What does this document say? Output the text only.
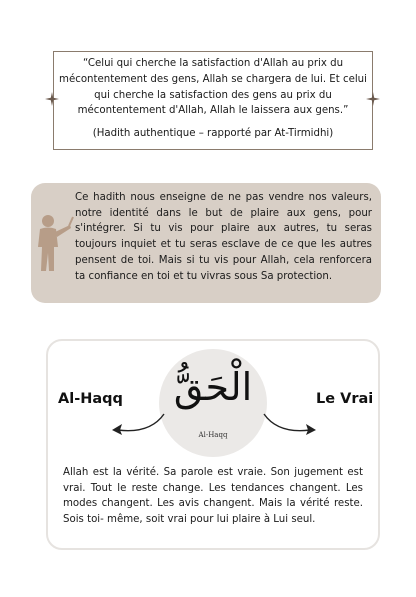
“Celui qui cherche la satisfaction d'Allah au prix du mécontentement des gens, Allah se chargera de lui. Et celui qui cherche la satisfaction des gens au prix du mécontentement d'Allah, Allah le laissera aux gens.”
(Hadith authentique – rapporté par At-Tirmidhi)
Ce hadith nous enseigne de ne pas vendre nos valeurs, notre identité dans le but de plaire aux gens, pour s'intégrer. Si tu vis pour plaire aux autres, tu seras toujours inquiet et tu seras esclave de ce que les autres pensent de toi. Mais si tu vis pour Allah, cela renforcera ta confiance en toi et tu vivras sous Sa protection.
الْحَقُّ
Al-Haqq
Al-Haqq	Le Vrai
Allah est la vérité. Sa parole est vraie. Son jugement est vrai. Tout le reste change. Les tendances changent. Les modes changent. Les avis changent. Mais la vérité reste. Sois toi- même, soit vrai pour lui plaire à Lui seul.
